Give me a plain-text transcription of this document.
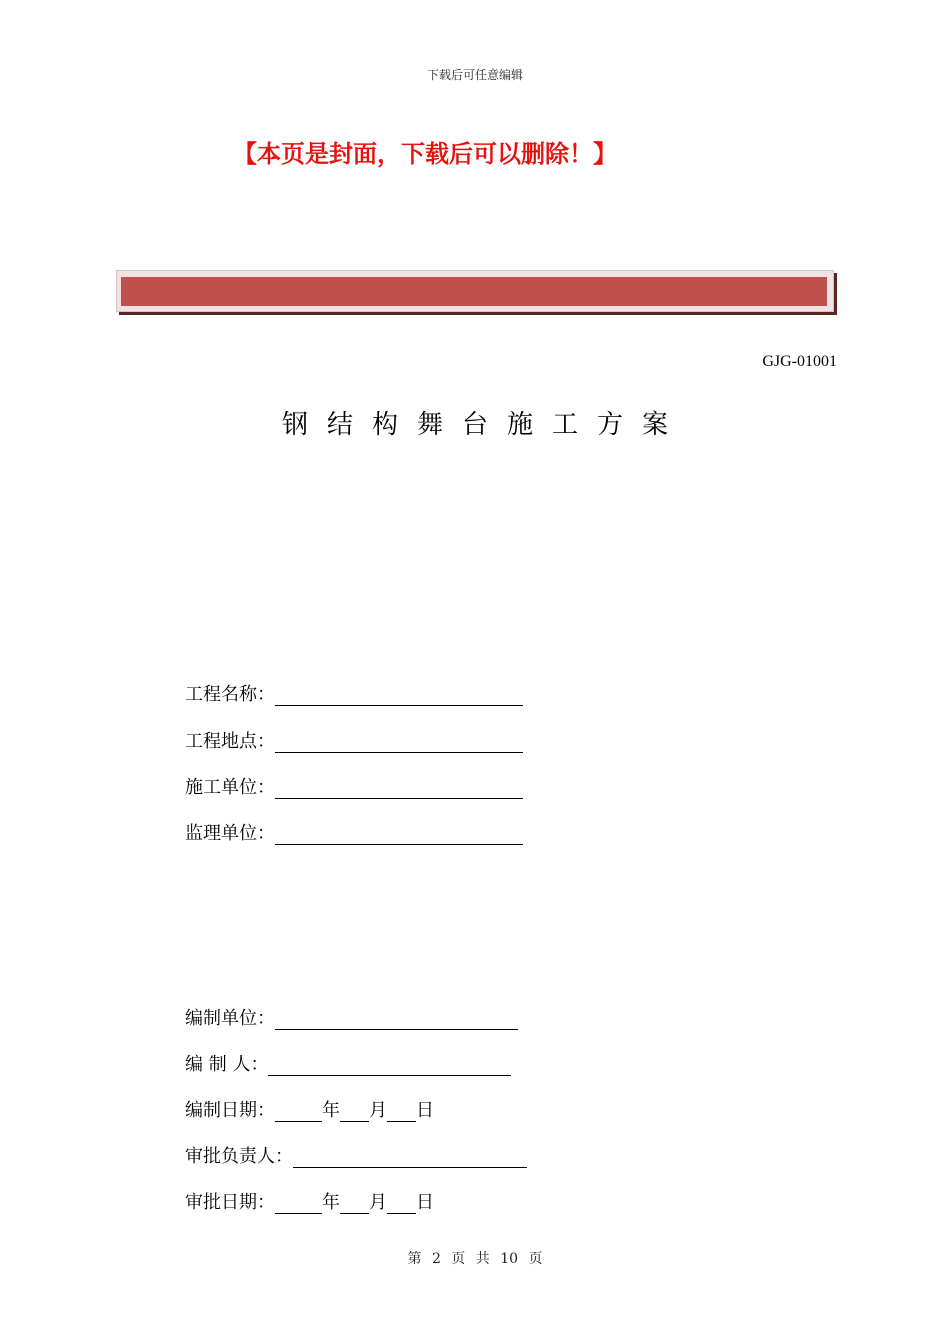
下载后可任意编辑
【本页是封面，下载后可以删除！】
GJG-01001
钢结构舞台施工方案
工程名称：
工程地点：
施工单位：
监理单位：
编制单位：
编 制 人：
编制日期：	年 月 日
审批负责人：
审批日期：	年 月 日
第 2 页 共 10 页
